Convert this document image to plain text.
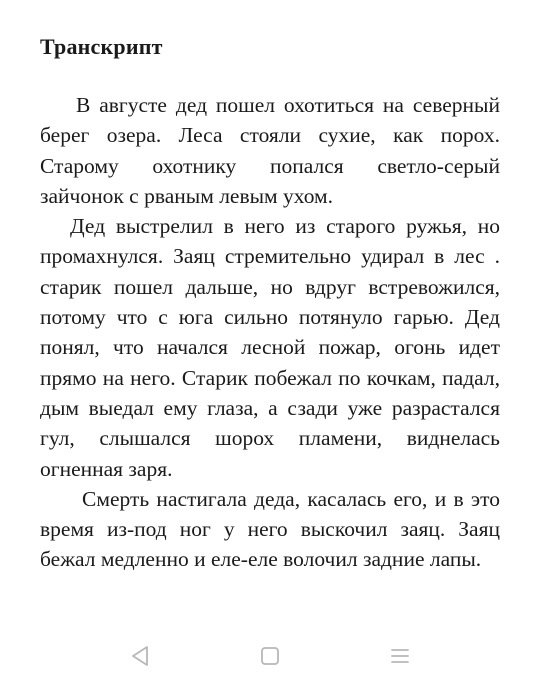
Транскрипт

В августе дед пошел охотиться на северный берег озера. Леса стояли сухие, как порох. Старому охотнику попался светло-серый зайчонок с рваным левым ухом.

Дед выстрелил в него из старого ружья, но промахнулся. Заяц стремительно удирал в лес . старик пошел дальше, но вдруг встревожился, потому что с юга сильно потянуло гарью. Дед понял, что начался лесной пожар, огонь идет прямо на него. Старик побежал по кочкам, падал, дым выедал ему глаза, а сзади уже разрастался гул, слышался шорох пламени, виднелась огненная заря.

Смерть настигала деда, касалась его, и в это время из-под ног у него выскочил заяц. Заяц бежал медленно и еле-еле волочил задние лапы.
